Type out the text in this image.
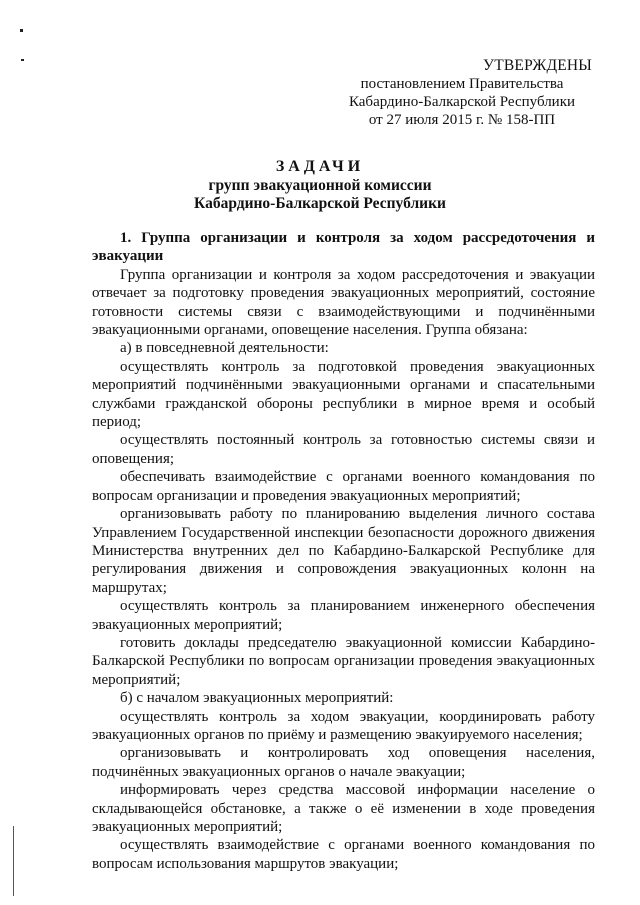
УТВЕРЖДЕНЫ
постановлением Правительства
Кабардино-Балкарской Республики
от 27 июля 2015 г. № 158-ПП
ЗАДАЧИ
групп эвакуационной комиссии
Кабардино-Балкарской Республики

1. Группа организации и контроля за ходом рассредоточения и эвакуации

Группа организации и контроля за ходом рассредоточения и эвакуации отвечает за подготовку проведения эвакуационных мероприятий, состояние готовности системы связи с взаимодействующими и подчинёнными эвакуационными органами, оповещение населения. Группа обязана:

а) в повседневной деятельности:

осуществлять контроль за подготовкой проведения эвакуационных мероприятий подчинёнными эвакуационными органами и спасательными службами гражданской обороны республики в мирное время и особый период;

осуществлять постоянный контроль за готовностью системы связи и оповещения;

обеспечивать взаимодействие с органами военного командования по вопросам организации и проведения эвакуационных мероприятий;

организовывать работу по планированию выделения личного состава Управлением Государственной инспекции безопасности дорожного движения Министерства внутренних дел по Кабардино-Балкарской Республике для регулирования движения и сопровождения эвакуационных колонн на маршрутах;

осуществлять контроль за планированием инженерного обеспечения эвакуационных мероприятий;

готовить доклады председателю эвакуационной комиссии Кабардино-Балкарской Республики по вопросам организации проведения эвакуационных мероприятий;

б) с началом эвакуационных мероприятий:

осуществлять контроль за ходом эвакуации, координировать работу эвакуационных органов по приёму и размещению эвакуируемого населения;

организовывать и контролировать ход оповещения населения, подчинённых эвакуационных органов о начале эвакуации;

информировать через средства массовой информации население о складывающейся обстановке, а также о её изменении в ходе проведения эвакуационных мероприятий;

осуществлять взаимодействие с органами военного командования по вопросам использования маршрутов эвакуации;
